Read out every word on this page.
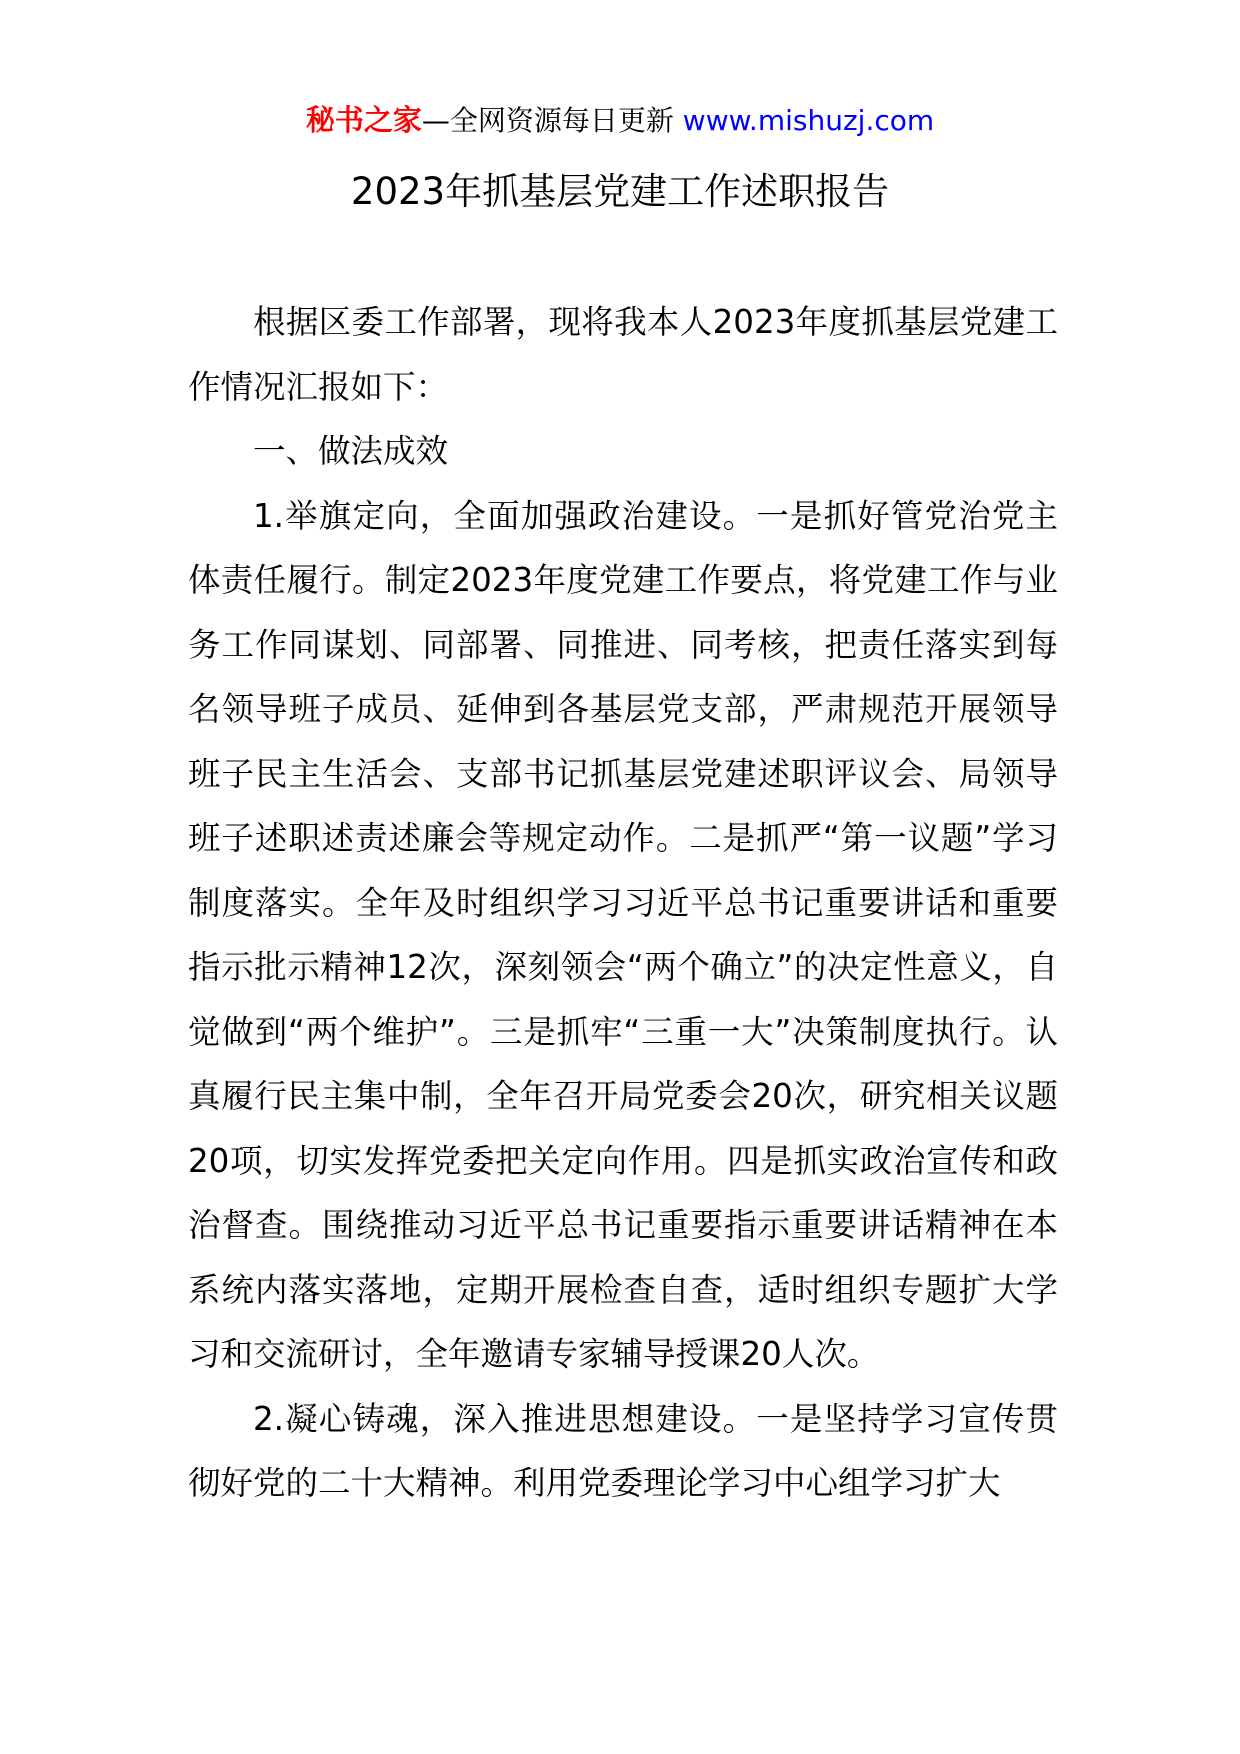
秘书之家—全网资源每日更新 www.mishuzj.com
2023年抓基层党建工作述职报告

根据区委工作部署，现将我本人2023年度抓基层党建工作情况汇报如下：

一、做法成效

1.举旗定向，全面加强政治建设。一是抓好管党治党主体责任履行。制定2023年度党建工作要点，将党建工作与业务工作同谋划、同部署、同推进、同考核，把责任落实到每名领导班子成员、延伸到各基层党支部，严肃规范开展领导班子民主生活会、支部书记抓基层党建述职评议会、局领导班子述职述责述廉会等规定动作。二是抓严“第一议题”学习制度落实。全年及时组织学习习近平总书记重要讲话和重要指示批示精神12次，深刻领会“两个确立”的决定性意义，自觉做到“两个维护”。三是抓牢“三重一大”决策制度执行。认真履行民主集中制，全年召开局党委会20次，研究相关议题20项，切实发挥党委把关定向作用。四是抓实政治宣传和政治督查。围绕推动习近平总书记重要指示重要讲话精神在本系统内落实落地，定期开展检查自查，适时组织专题扩大学习和交流研讨，全年邀请专家辅导授课20人次。

2.凝心铸魂，深入推进思想建设。一是坚持学习宣传贯彻好党的二十大精神。利用党委理论学习中心组学习扩大
